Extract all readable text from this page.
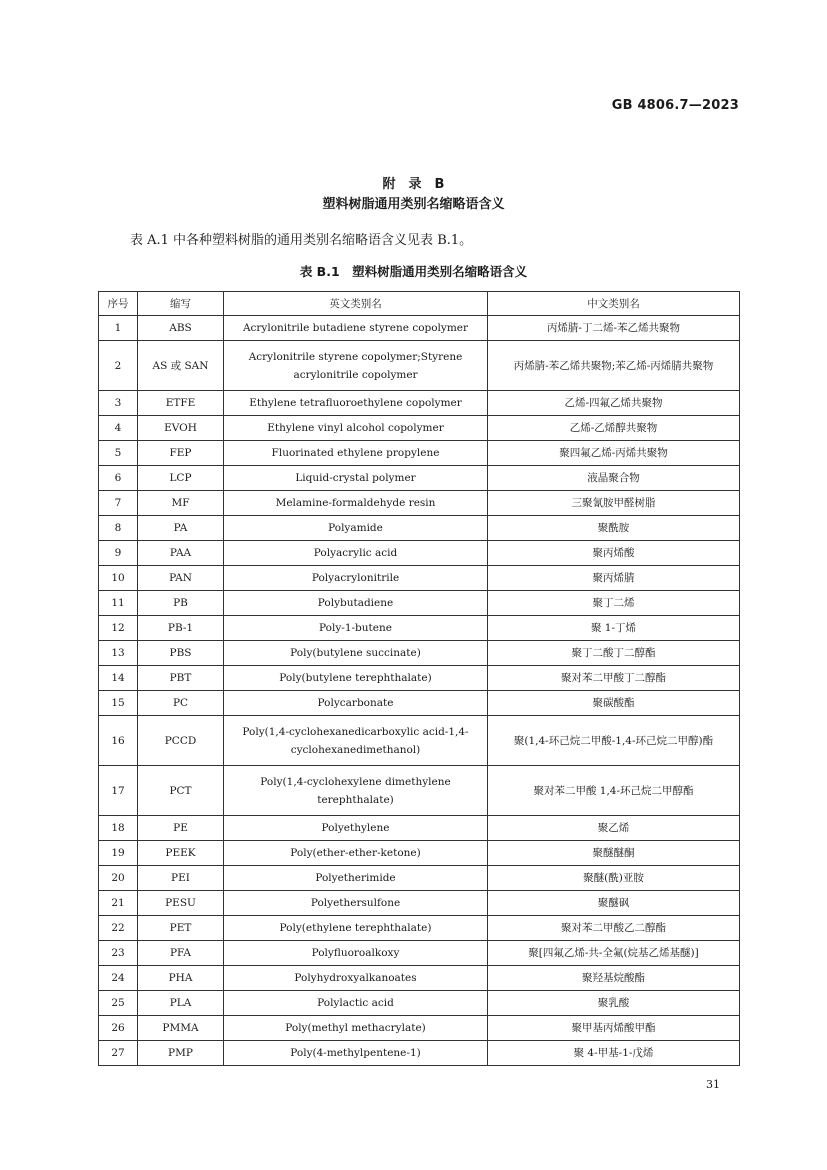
GB 4806.7—2023
附　录　B
塑料树脂通用类别名缩略语含义
表 A.1 中各种塑料树脂的通用类别名缩略语含义见表 B.1。
表 B.1　塑料树脂通用类别名缩略语含义
序号	缩写	英文类别名	中文类别名
1	ABS	Acrylonitrile butadiene styrene copolymer	丙烯腈-丁二烯-苯乙烯共聚物
2	AS 或 SAN	Acrylonitrile styrene copolymer;Styrene acrylonitrile copolymer	丙烯腈-苯乙烯共聚物;苯乙烯-丙烯腈共聚物
3	ETFE	Ethylene tetrafluoroethylene copolymer	乙烯-四氟乙烯共聚物
4	EVOH	Ethylene vinyl alcohol copolymer	乙烯-乙烯醇共聚物
5	FEP	Fluorinated ethylene propylene	聚四氟乙烯-丙烯共聚物
6	LCP	Liquid-crystal polymer	液晶聚合物
7	MF	Melamine-formaldehyde resin	三聚氰胺甲醛树脂
8	PA	Polyamide	聚酰胺
9	PAA	Polyacrylic acid	聚丙烯酸
10	PAN	Polyacrylonitrile	聚丙烯腈
11	PB	Polybutadiene	聚丁二烯
12	PB-1	Poly-1-butene	聚 1-丁烯
13	PBS	Poly(butylene succinate)	聚丁二酸丁二醇酯
14	PBT	Poly(butylene terephthalate)	聚对苯二甲酸丁二醇酯
15	PC	Polycarbonate	聚碳酸酯
16	PCCD	Poly(1,4-cyclohexanedicarboxylic acid-1,4-cyclohexanedimethanol)	聚(1,4-环己烷二甲酸-1,4-环己烷二甲醇)酯
17	PCT	Poly(1,4-cyclohexylene dimethylene terephthalate)	聚对苯二甲酸 1,4-环己烷二甲醇酯
18	PE	Polyethylene	聚乙烯
19	PEEK	Poly(ether-ether-ketone)	聚醚醚酮
20	PEI	Polyetherimide	聚醚(酰)亚胺
21	PESU	Polyethersulfone	聚醚砜
22	PET	Poly(ethylene terephthalate)	聚对苯二甲酸乙二醇酯
23	PFA	Polyfluoroalkoxy	聚[四氟乙烯-共-全氟(烷基乙烯基醚)]
24	PHA	Polyhydroxyalkanoates	聚羟基烷酸酯
25	PLA	Polylactic acid	聚乳酸
26	PMMA	Poly(methyl methacrylate)	聚甲基丙烯酸甲酯
27	PMP	Poly(4-methylpentene-1)	聚 4-甲基-1-戊烯
31
